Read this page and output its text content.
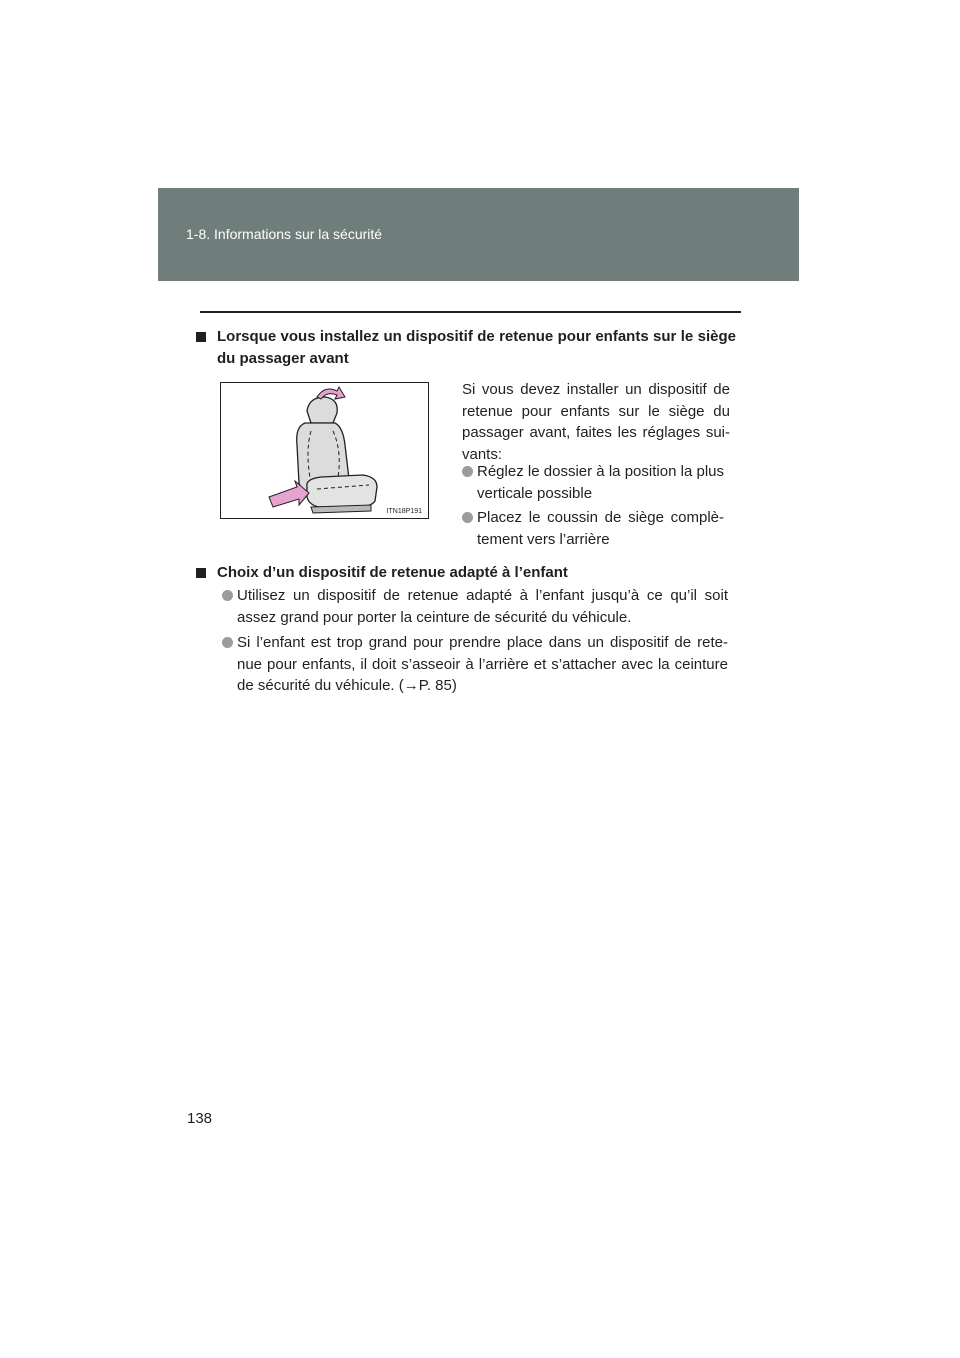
1-8. Informations sur la sécurité
Lorsque vous installez un dispositif de retenue pour enfants sur le siège du passager avant
ITN18P191
Si vous devez installer un dispositif de retenue pour enfants sur le siège du passager avant, faites les réglages sui-vants:
Réglez le dossier à la position la plus verticale possible
Placez le coussin de siège complè-tement vers l’arrière
Choix d’un dispositif de retenue adapté à l’enfant
Utilisez un dispositif de retenue adapté à l’enfant jusqu’à ce qu’il soit assez grand pour porter la ceinture de sécurité du véhicule.
Si l’enfant est trop grand pour prendre place dans un dispositif de rete-nue pour enfants, il doit s’asseoir à l’arrière et s’attacher avec la ceinture de sécurité du véhicule. (→P. 85)
138
